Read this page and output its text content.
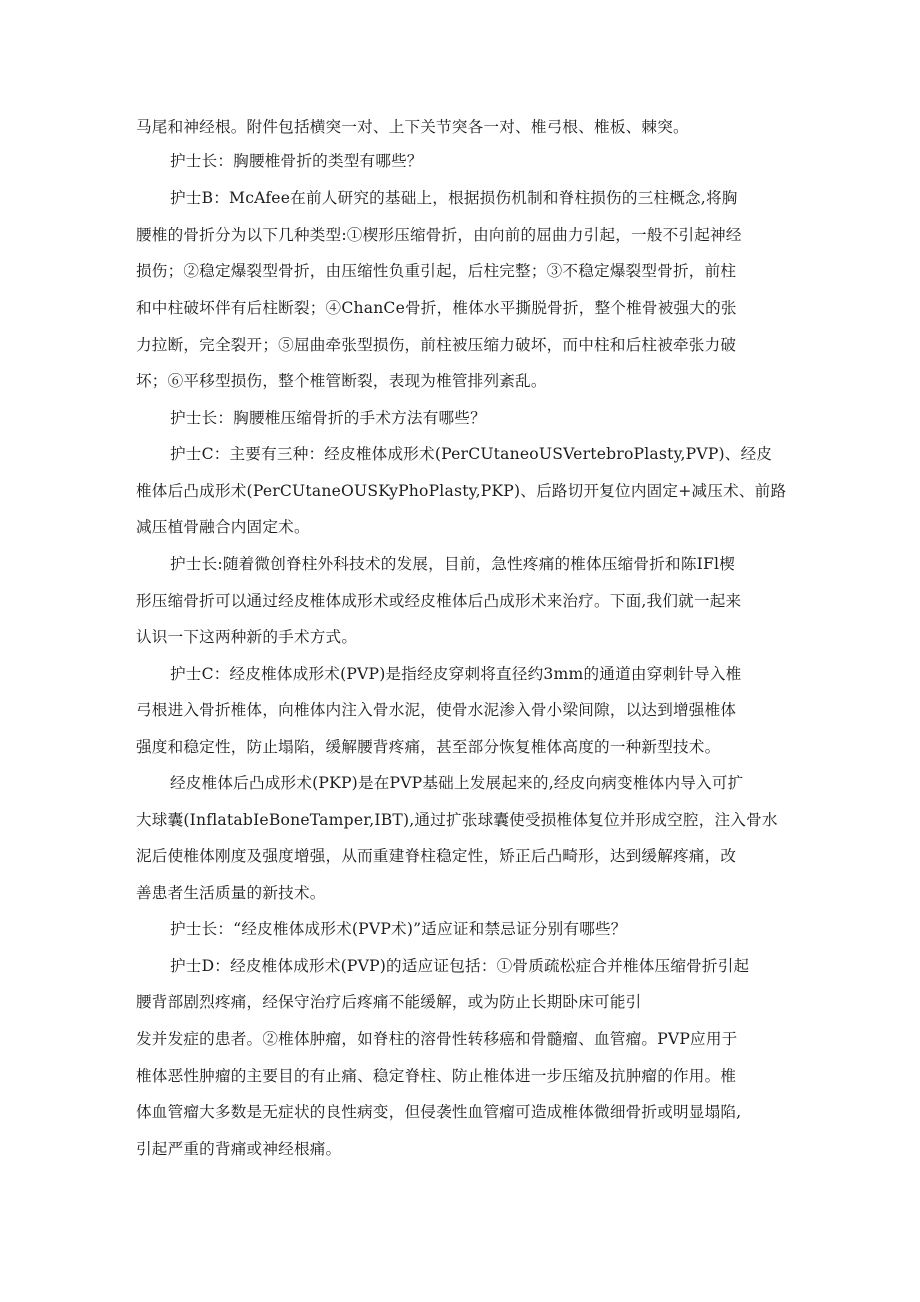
马尾和神经根。附件包括横突一对、上下关节突各一对、椎弓根、椎板、棘突。
护士长：胸腰椎骨折的类型有哪些？
护士B：McAfee在前人研究的基础上，根据损伤机制和脊柱损伤的三柱概念,将胸
腰椎的骨折分为以下几种类型:①楔形压缩骨折，由向前的屈曲力引起，一般不引起神经
损伤；②稳定爆裂型骨折，由压缩性负重引起，后柱完整；③不稳定爆裂型骨折，前柱
和中柱破坏伴有后柱断裂；④ChanCe骨折，椎体水平撕脱骨折，整个椎骨被强大的张
力拉断，完全裂开；⑤屈曲牵张型损伤，前柱被压缩力破坏，而中柱和后柱被牵张力破
坏；⑥平移型损伤，整个椎管断裂，表现为椎管排列紊乱。
护士长：胸腰椎压缩骨折的手术方法有哪些？
护士C：主要有三种：经皮椎体成形术(PerCUtaneoUSVertebroPlasty,PVP)、经皮
椎体后凸成形术(PerCUtaneOUSKyPhoPlasty,PKP)、后路切开复位内固定+减压术、前路
减压植骨融合内固定术。
护士长:随着微创脊柱外科技术的发展，目前，急性疼痛的椎体压缩骨折和陈IFl楔
形压缩骨折可以通过经皮椎体成形术或经皮椎体后凸成形术来治疗。下面,我们就一起来
认识一下这两种新的手术方式。
护士C：经皮椎体成形术(PVP)是指经皮穿刺将直径约3mm的通道由穿刺针导入椎
弓根进入骨折椎体，向椎体内注入骨水泥，使骨水泥渗入骨小梁间隙，以达到增强椎体
强度和稳定性，防止塌陷，缓解腰背疼痛，甚至部分恢复椎体高度的一种新型技术。
经皮椎体后凸成形术(PKP)是在PVP基础上发展起来的,经皮向病变椎体内导入可扩
大球囊(InflatabIeBoneTamper,IBT),通过扩张球囊使受损椎体复位并形成空腔，注入骨水
泥后使椎体刚度及强度增强，从而重建脊柱稳定性，矫正后凸畸形，达到缓解疼痛，改
善患者生活质量的新技术。
护士长：“经皮椎体成形术(PVP术)”适应证和禁忌证分别有哪些？
护士D：经皮椎体成形术(PVP)的适应证包括：①骨质疏松症合并椎体压缩骨折引起
腰背部剧烈疼痛，经保守治疗后疼痛不能缓解，或为防止长期卧床可能引
发并发症的患者。②椎体肿瘤，如脊柱的溶骨性转移癌和骨髓瘤、血管瘤。PVP应用于
椎体恶性肿瘤的主要目的有止痛、稳定脊柱、防止椎体进一步压缩及抗肿瘤的作用。椎
体血管瘤大多数是无症状的良性病变，但侵袭性血管瘤可造成椎体微细骨折或明显塌陷,
引起严重的背痛或神经根痛。
